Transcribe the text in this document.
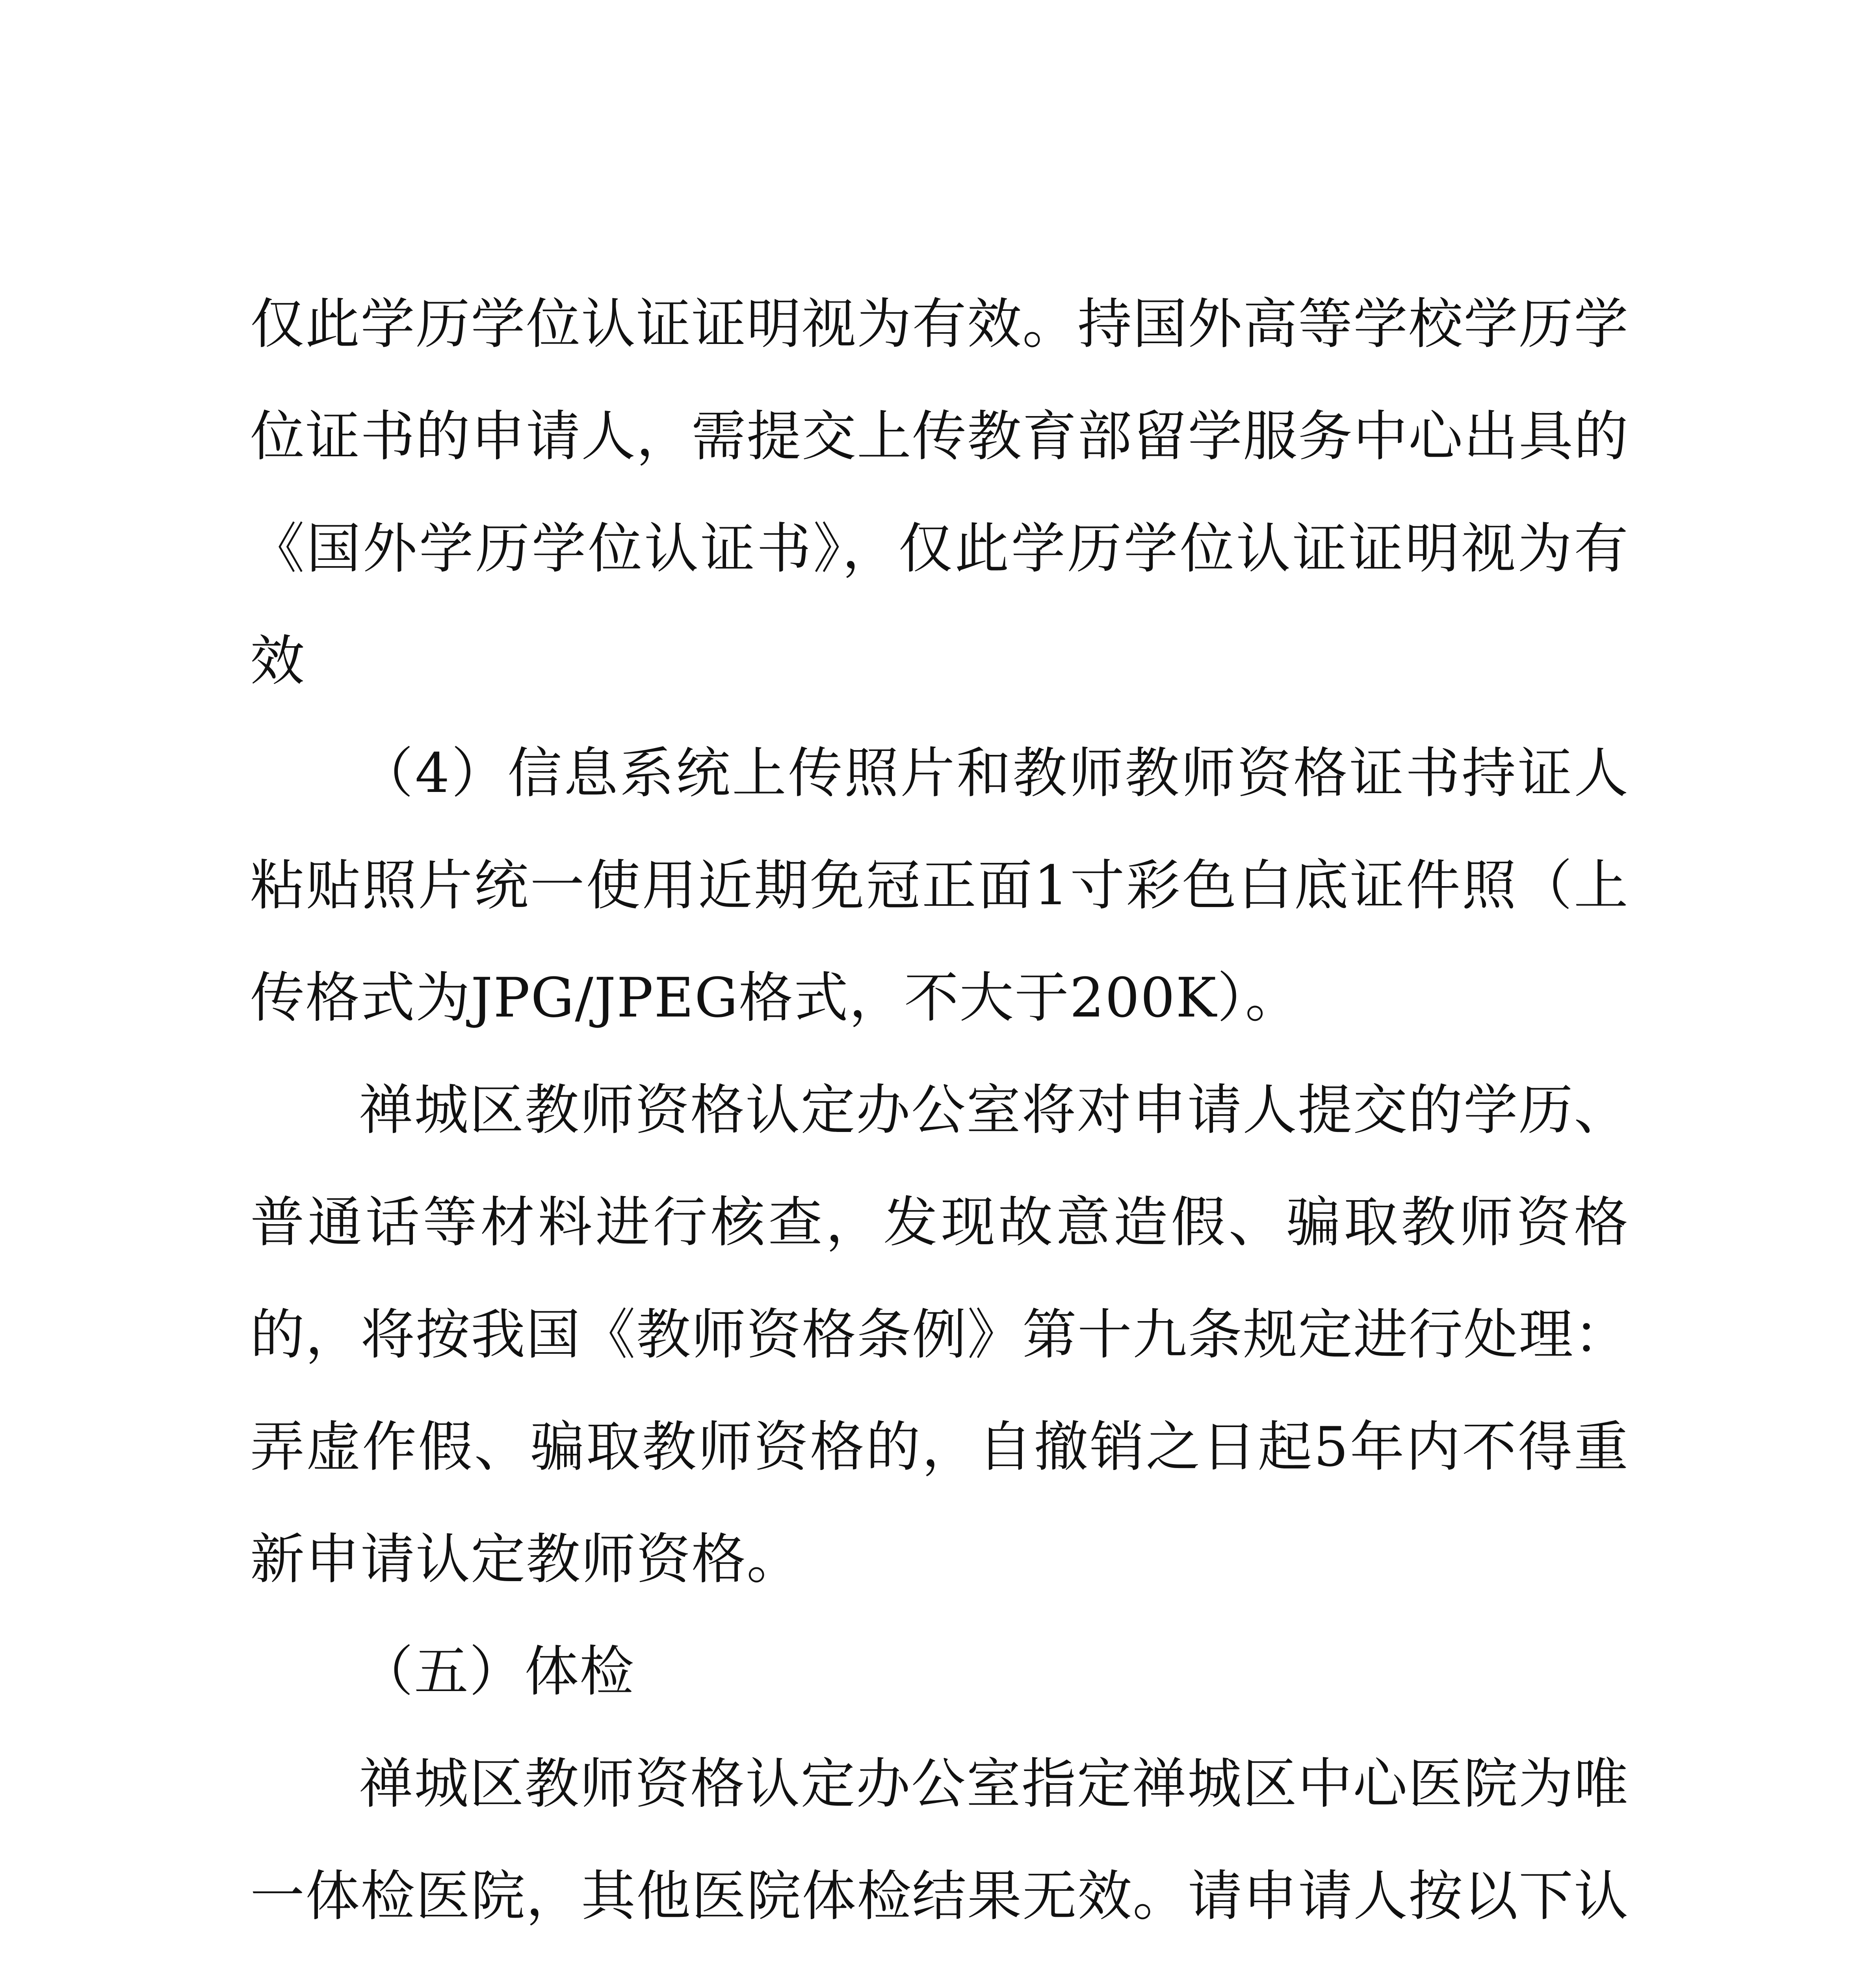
仅此学历学位认证证明视为有效。持国外高等学校学历学位证书的申请人，需提交上传教育部留学服务中心出具的《国外学历学位认证书》，仅此学历学位认证证明视为有效

（4）信息系统上传照片和教师教师资格证书持证人粘贴照片统一使用近期免冠正面1寸彩色白底证件照（上传格式为JPG/JPEG格式，不大于200K）。

禅城区教师资格认定办公室将对申请人提交的学历、普通话等材料进行核查，发现故意造假、骗取教师资格的，将按我国《教师资格条例》第十九条规定进行处理：弄虚作假、骗取教师资格的，自撤销之日起5年内不得重新申请认定教师资格。

（五）体检

禅城区教师资格认定办公室指定禅城区中心医院为唯一体检医院，其他医院体检结果无效。请申请人按以下认
